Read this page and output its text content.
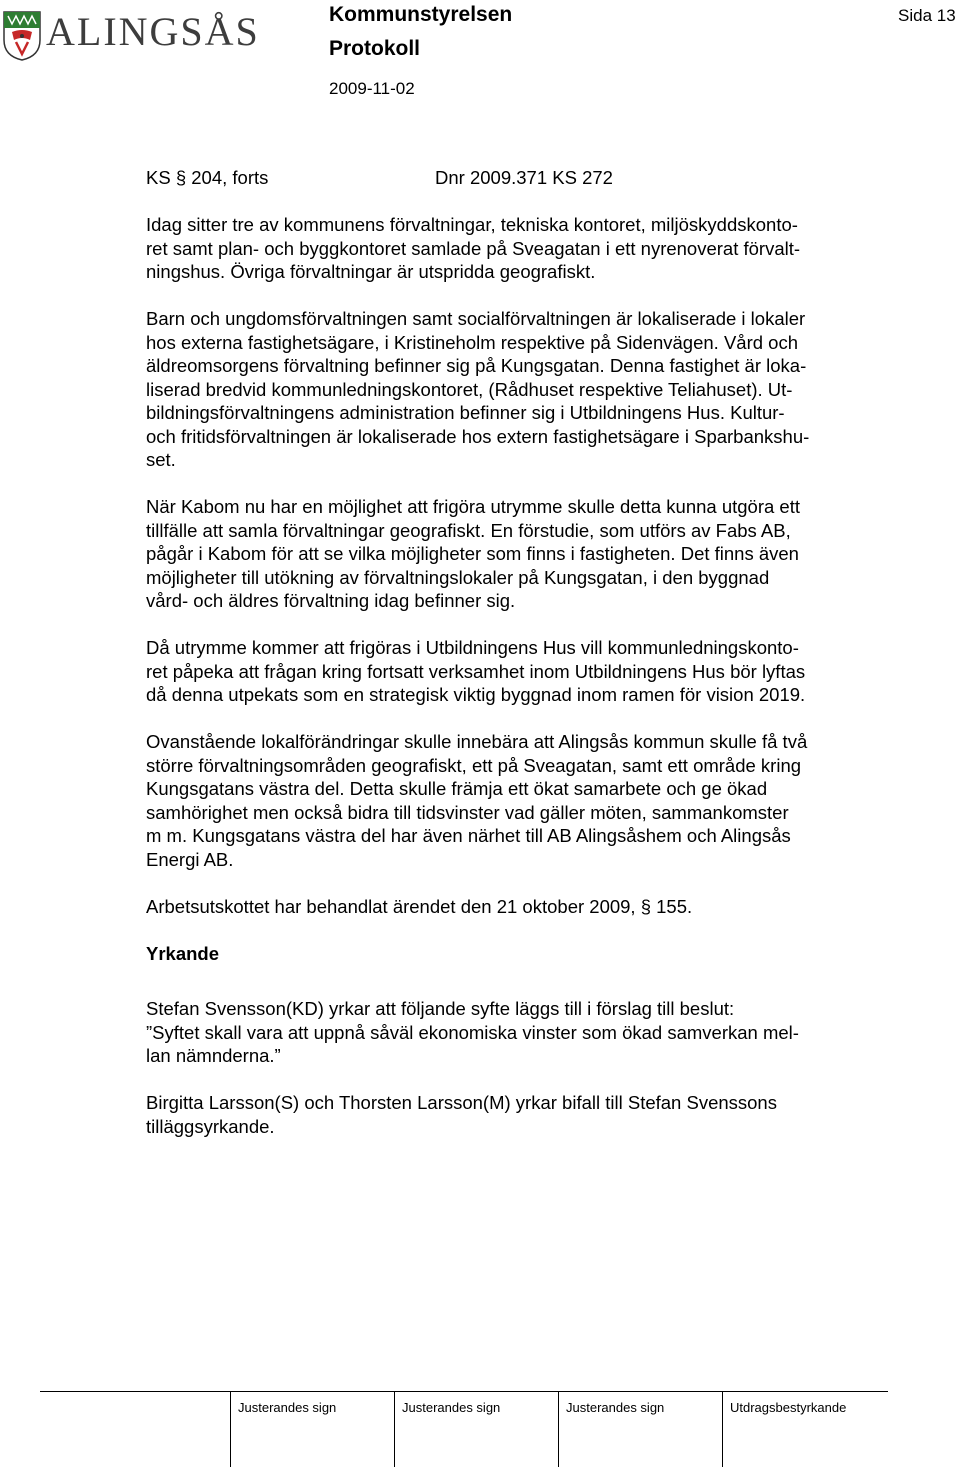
ALINGSÅS	Kommunstyrelsen
Protokoll
2009-11-02
Sida 13
KS § 204, forts	Dnr 2009.371 KS 272

Idag sitter tre av kommunens förvaltningar, tekniska kontoret, miljöskyddskonto-
ret samt plan- och byggkontoret samlade på Sveagatan i ett nyrenoverat förvalt-
ningshus. Övriga förvaltningar är utspridda geografiskt.

Barn och ungdomsförvaltningen samt socialförvaltningen är lokaliserade i lokaler
hos externa fastighetsägare, i Kristineholm respektive på Sidenvägen. Vård och
äldreomsorgens förvaltning befinner sig på Kungsgatan. Denna fastighet är loka-
liserad bredvid kommunledningskontoret, (Rådhuset respektive Teliahuset). Ut-
bildningsförvaltningens administration befinner sig i Utbildningens Hus. Kultur-
och fritidsförvaltningen är lokaliserade hos extern fastighetsägare i Sparbankshu-
set.

När Kabom nu har en möjlighet att frigöra utrymme skulle detta kunna utgöra ett
tillfälle att samla förvaltningar geografiskt. En förstudie, som utförs av Fabs AB,
pågår i Kabom för att se vilka möjligheter som finns i fastigheten. Det finns även
möjligheter till utökning av förvaltningslokaler på Kungsgatan, i den byggnad
vård- och äldres förvaltning idag befinner sig.

Då utrymme kommer att frigöras i Utbildningens Hus vill kommunledningskonto-
ret påpeka att frågan kring fortsatt verksamhet inom Utbildningens Hus bör lyftas
då denna utpekats som en strategisk viktig byggnad inom ramen för vision 2019.

Ovanstående lokalförändringar skulle innebära att Alingsås kommun skulle få två
större förvaltningsområden geografiskt, ett på Sveagatan, samt ett område kring
Kungsgatans västra del. Detta skulle främja ett ökat samarbete och ge ökad
samhörighet men också bidra till tidsvinster vad gäller möten, sammankomster
m m. Kungsgatans västra del har även närhet till AB Alingsåshem och Alingsås
Energi AB.

Arbetsutskottet har behandlat ärendet den 21 oktober 2009, § 155.

Yrkande

Stefan Svensson(KD) yrkar att följande syfte läggs till i förslag till beslut:
”Syftet skall vara att uppnå såväl ekonomiska vinster som ökad samverkan mel-
lan nämnderna.”

Birgitta Larsson(S) och Thorsten Larsson(M) yrkar bifall till Stefan Svenssons
tilläggsyrkande.

Justerandes sign	Justerandes sign	Justerandes sign	Utdragsbestyrkande
